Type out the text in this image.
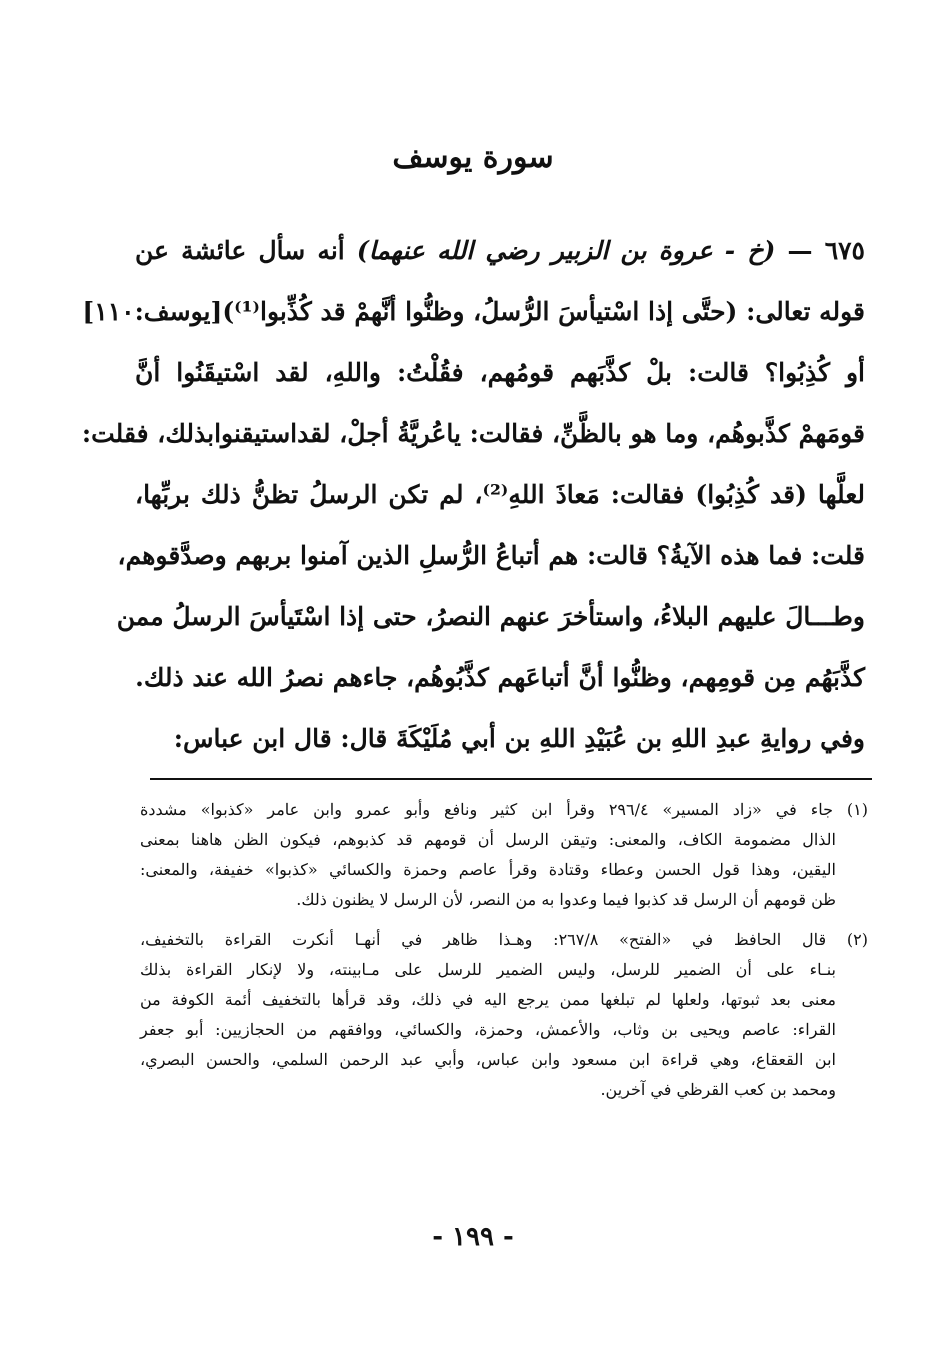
سورة يوسف
٦٧٥ — (خ - عروة بن الزبير رضي الله عنهما) أنه سأل عائشة عن
قوله تعالى: (حتَّى إذا اسْتيأسَ الرُّسلُ، وظنُّوا أنَّهمْ قد كُذِّبوا⁽¹⁾)[يوسف:١١٠]
أو كُذِبُوا؟ قالت: بلْ كذَّبَهم قومُهم، فقُلْتُ: واللهِ، لقد اسْتيقَنُوا أنَّ
قومَهمْ كذَّبوهُم، وما هو بالظَّنِّ، فقالت: ياعُريَّةُ أجلْ، لقداستيقنوابذلك، فقلت:
لعلَّها (قد كُذِبُوا) فقالت: مَعاذَ اللهِ⁽²⁾، لم تكن الرسلُ تظنُّ ذلك بربِّها،
قلت: فما هذه الآيةُ؟ قالت: هم أتباعُ الرُّسلِ الذين آمنوا بربهم وصدَّقوهم،
وطـــالَ عليهم البلاءُ، واستأخرَ عنهم النصرُ، حتى إذا اسْتَيأسَ الرسلُ ممن
كذَّبَهُم مِن قومِهم، وظنُّوا أنَّ أتباعَهم كذَّبُوهُم، جاءهم نصرُ الله عند ذلك.
وفي روايةِ عبدِ اللهِ بن عُبَيْدِ اللهِ بن أبي مُلَيْكَةَ قال: قال ابن عباس:
(١) جاء في «زاد المسير» ٢٩٦/٤ وقرأ ابن كثير ونافع وأبو عمرو وابن عامر «كذبوا» مشددة
الذال مضمومة الكاف، والمعنى: وتيقن الرسل أن قومهم قد كذبوهم، فيكون الظن هاهنا بمعنى
اليقين، وهذا قول الحسن وعطاء وقتادة وقرأ عاصم وحمزة والكسائي «كذبوا» خفيفة، والمعنى:
ظن قومهم أن الرسل قد كذبوا فيما وعدوا به من النصر، لأن الرسل لا يظنون ذلك.
(٢) قال الحافظ في «الفتح» ٢٦٧/٨: وهـذا ظاهر في أنهـا أنكرت القراءة بالتخفيف،
بنـاء على أن الضمير للرسل، وليس الضمير للرسل على مـابينته، ولا لإنكار القراءة بذلك
معنى بعد ثبوتها، ولعلها لم تبلغها ممن يرجع اليه في ذلك، وقد قرأها بالتخفيف أئمة الكوفة من
القراء: عاصم ويحيى بن وثاب، والأعمش، وحمزة، والكسائي، ووافقهم من الحجازيين: أبو جعفر
ابن القعقاع، وهي قراءة ابن مسعود وابن عباس، وأبي عبد الرحمن السلمي، والحسن البصري،
ومحمد بن كعب القرظي في آخرين.
- ١٩٩ -
